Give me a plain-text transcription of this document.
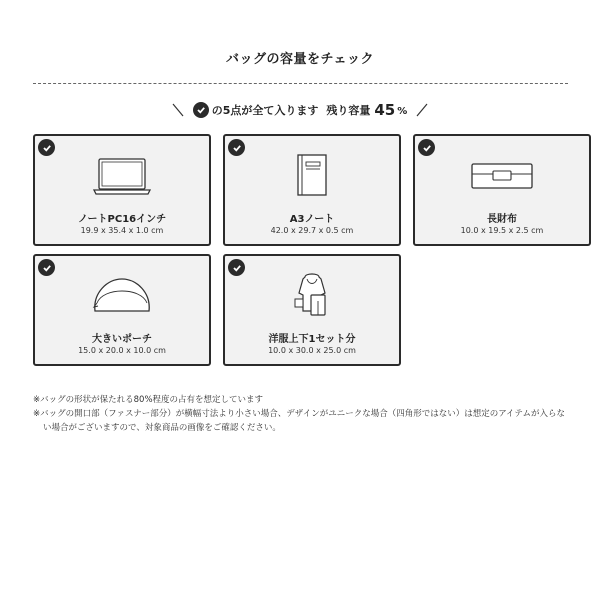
バッグの容量をチェック
の5点が全て入ります 残り容量 45 %
ノートPC16インチ
19.9 x 35.4 x 1.0 cm
A3ノート
42.0 x 29.7 x 0.5 cm
長財布
10.0 x 19.5 x 2.5 cm
大きいポーチ
15.0 x 20.0 x 10.0 cm
洋服上下1セット分
10.0 x 30.0 x 25.0 cm
※バッグの形状が保たれる80%程度の占有を想定しています
※バッグの開口部（ファスナー部分）が横幅寸法より小さい場合、デザインがユニークな場合（四角形ではない）は想定のアイテムが入らな
い場合がございますので、対象商品の画像をご確認ください。
